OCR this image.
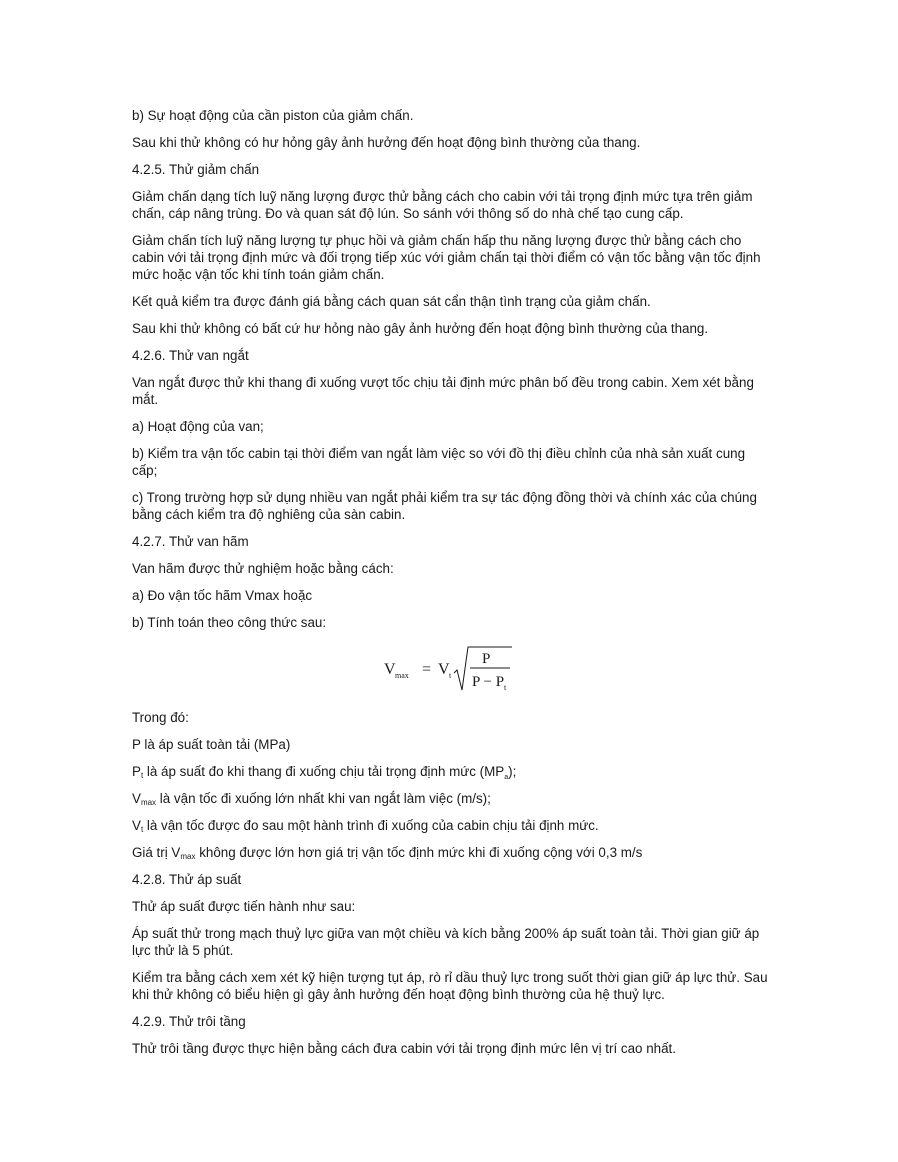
b) Sự hoạt động của cần piston của giảm chấn.

Sau khi thử không có hư hỏng gây ảnh hưởng đến hoạt động bình thường của thang.

4.2.5. Thử giảm chấn

Giảm chấn dạng tích luỹ năng lượng được thử bằng cách cho cabin với tải trọng định mức tựa trên giảm chấn, cáp nâng trùng. Đo và quan sát độ lún. So sánh với thông số do nhà chế tạo cung cấp.

Giảm chấn tích luỹ năng lượng tự phục hồi và giảm chấn hấp thu năng lượng được thử bằng cách cho cabin với tải trọng định mức và đối trọng tiếp xúc với giảm chấn tại thời điểm có vận tốc bằng vận tốc định mức hoặc vận tốc khi tính toán giảm chấn.

Kết quả kiểm tra được đánh giá bằng cách quan sát cẩn thận tình trạng của giảm chấn.

Sau khi thử không có bất cứ hư hỏng nào gây ảnh hưởng đến hoạt động bình thường của thang.

4.2.6. Thử van ngắt

Van ngắt được thử khi thang đi xuống vượt tốc chịu tải định mức phân bố đều trong cabin. Xem xét bằng mắt.

a) Hoạt động của van;

b) Kiểm tra vận tốc cabin tại thời điểm van ngắt làm việc so với đồ thị điều chỉnh của nhà sản xuất cung cấp;

c) Trong trường hợp sử dụng nhiều van ngắt phải kiểm tra sự tác động đồng thời và chính xác của chúng bằng cách kiểm tra độ nghiêng của sàn cabin.

4.2.7. Thử van hãm

Van hãm được thử nghiệm hoặc bằng cách:

a) Đo vận tốc hãm Vmax hoặc

b) Tính toán theo công thức sau:

V max = V t
P
P − P t

Trong đó:

P là áp suất toàn tải (MPa)

$P_t$ là áp suất đo khi thang đi xuống chịu tải trọng định mức $(MP_a)$;

$V_{max}$ là vận tốc đi xuống lớn nhất khi van ngắt làm việc (m/s);

$V_t$ là vận tốc được đo sau một hành trình đi xuống của cabin chịu tải định mức.

Giá trị $V_{max}$ không được lớn hơn giá trị vận tốc định mức khi đi xuống cộng với 0,3 m/s

4.2.8. Thử áp suất

Thử áp suất được tiến hành như sau:

Áp suất thử trong mạch thuỷ lực giữa van một chiều và kích bằng 200% áp suất toàn tải. Thời gian giữ áp lực thử là 5 phút.

Kiểm tra bằng cách xem xét kỹ hiện tượng tụt áp, rò rỉ dầu thuỷ lực trong suốt thời gian giữ áp lực thử. Sau khi thử không có biểu hiện gì gây ảnh hưởng đến hoạt động bình thường của hệ thuỷ lực.

4.2.9. Thử trôi tầng

Thử trôi tầng được thực hiện bằng cách đưa cabin với tải trọng định mức lên vị trí cao nhất.
